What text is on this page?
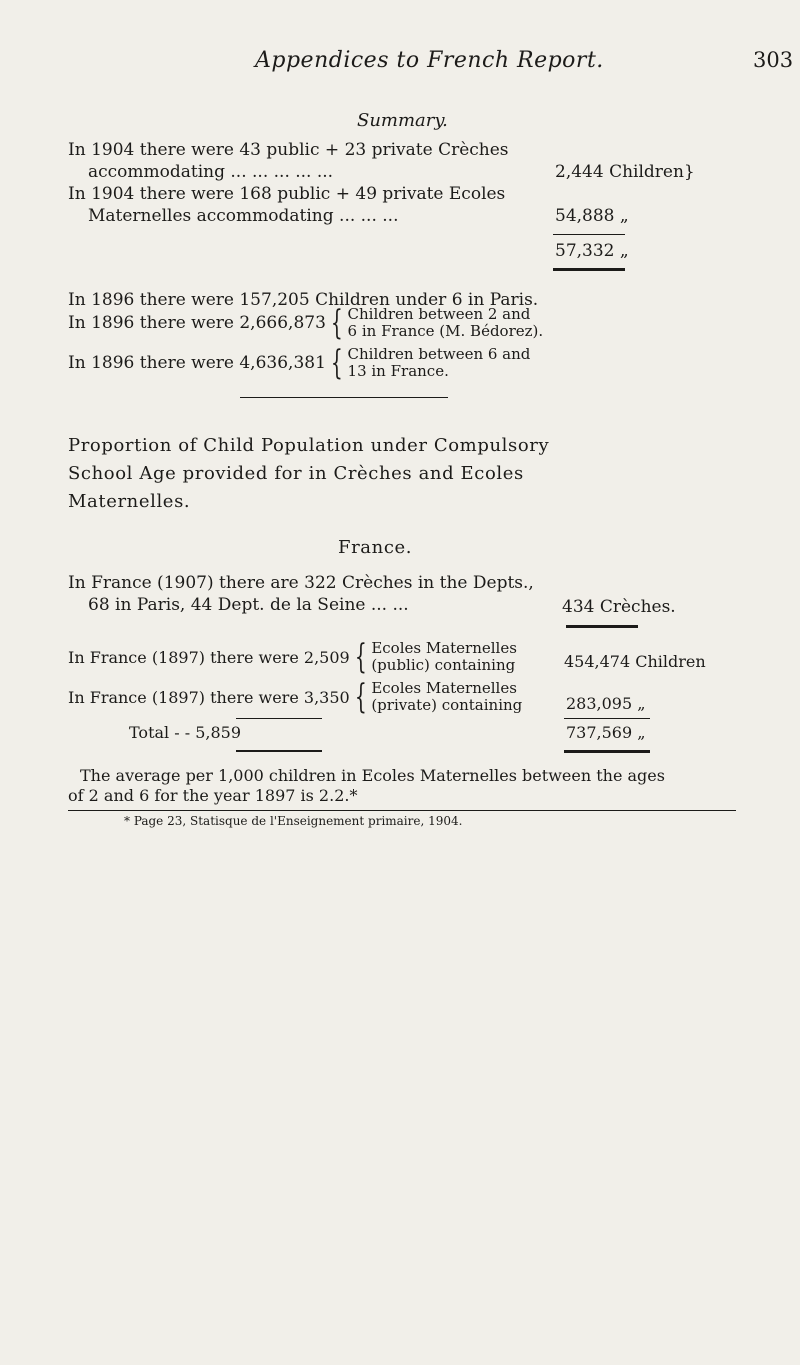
Appendices to French Report.	303
Summary.
In 1904 there were 43 public + 23 private Crèches
accommodating ... ... ... ... ...	2,444 Children}
In 1904 there were 168 public + 49 private Ecoles
Maternelles accommodating ... ... ...	54,888 „
57,332 „
In 1896 there were 157,205 Children under 6 in Paris.
In 1896 there were 2,666,873 { Children between 2 and
6 in France (M. Bédorez).
In 1896 there were 4,636,381 { Children between 6 and
13 in France.
Proportion of Child Population under Compulsory
School Age provided for in Crèches and Ecoles
Maternelles.
France.
In France (1907) there are 322 Crèches in the Depts.,
68 in Paris, 44 Dept. de la Seine ... ...	434 Crèches.
In France (1897) there were 2,509 { Ecoles Maternelles
(public) containing	454,474 Children
In France (1897) there were 3,350 { Ecoles Maternelles
(private) containing	283,095 „
Total - - 5,859	737,569 „
The average per 1,000 children in Ecoles Maternelles between the ages
of 2 and 6 for the year 1897 is 2.2.*
* Page 23, Statisque de l'Enseignement primaire, 1904.
